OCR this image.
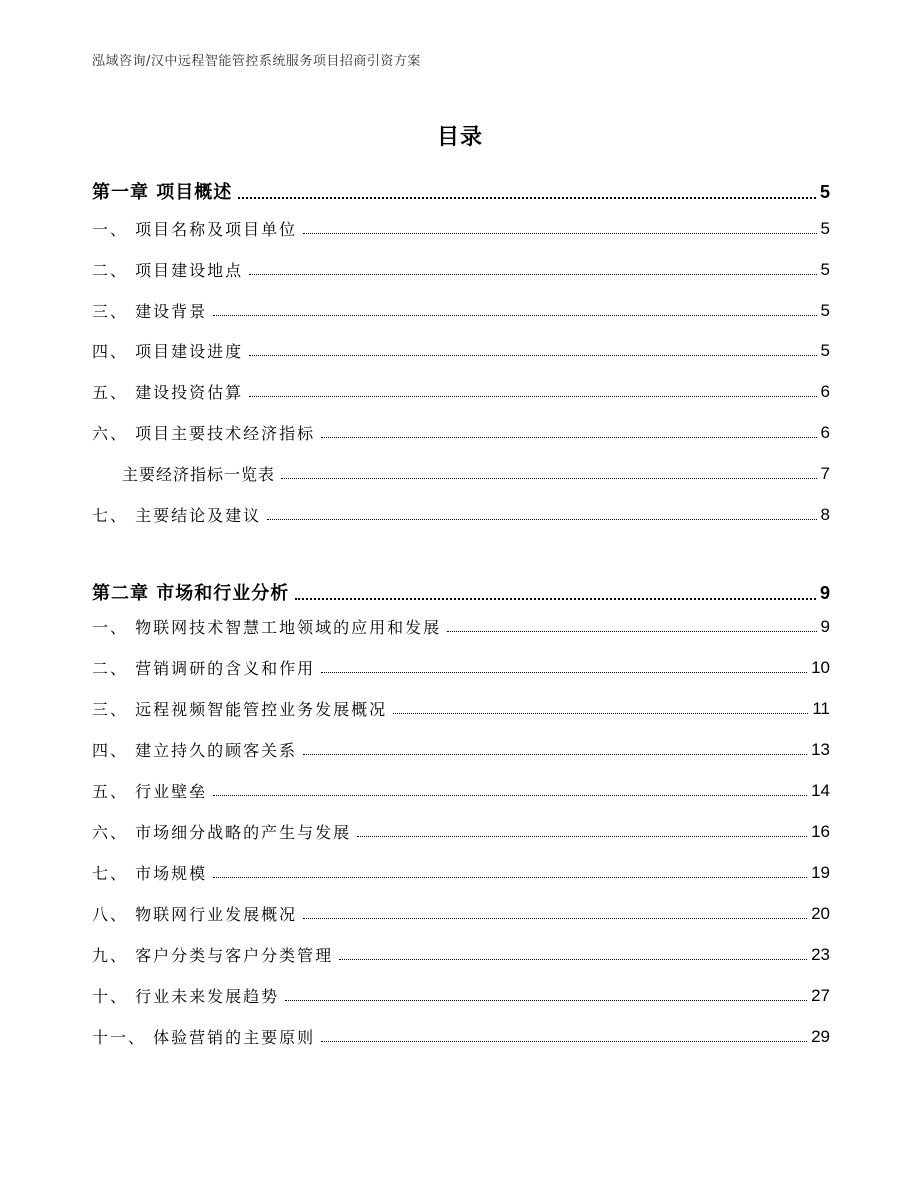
泓域咨询/汉中远程智能管控系统服务项目招商引资方案
目录
第一章 项目概述	5
一、 项目名称及项目单位	5
二、 项目建设地点	5
三、 建设背景	5
四、 项目建设进度	5
五、 建设投资估算	6
六、 项目主要技术经济指标	6
主要经济指标一览表	7
七、 主要结论及建议	8
第二章 市场和行业分析	9
一、 物联网技术智慧工地领域的应用和发展	9
二、 营销调研的含义和作用	10
三、 远程视频智能管控业务发展概况	11
四、 建立持久的顾客关系	13
五、 行业壁垒	14
六、 市场细分战略的产生与发展	16
七、 市场规模	19
八、 物联网行业发展概况	20
九、 客户分类与客户分类管理	23
十、 行业未来发展趋势	27
十一、 体验营销的主要原则	29
